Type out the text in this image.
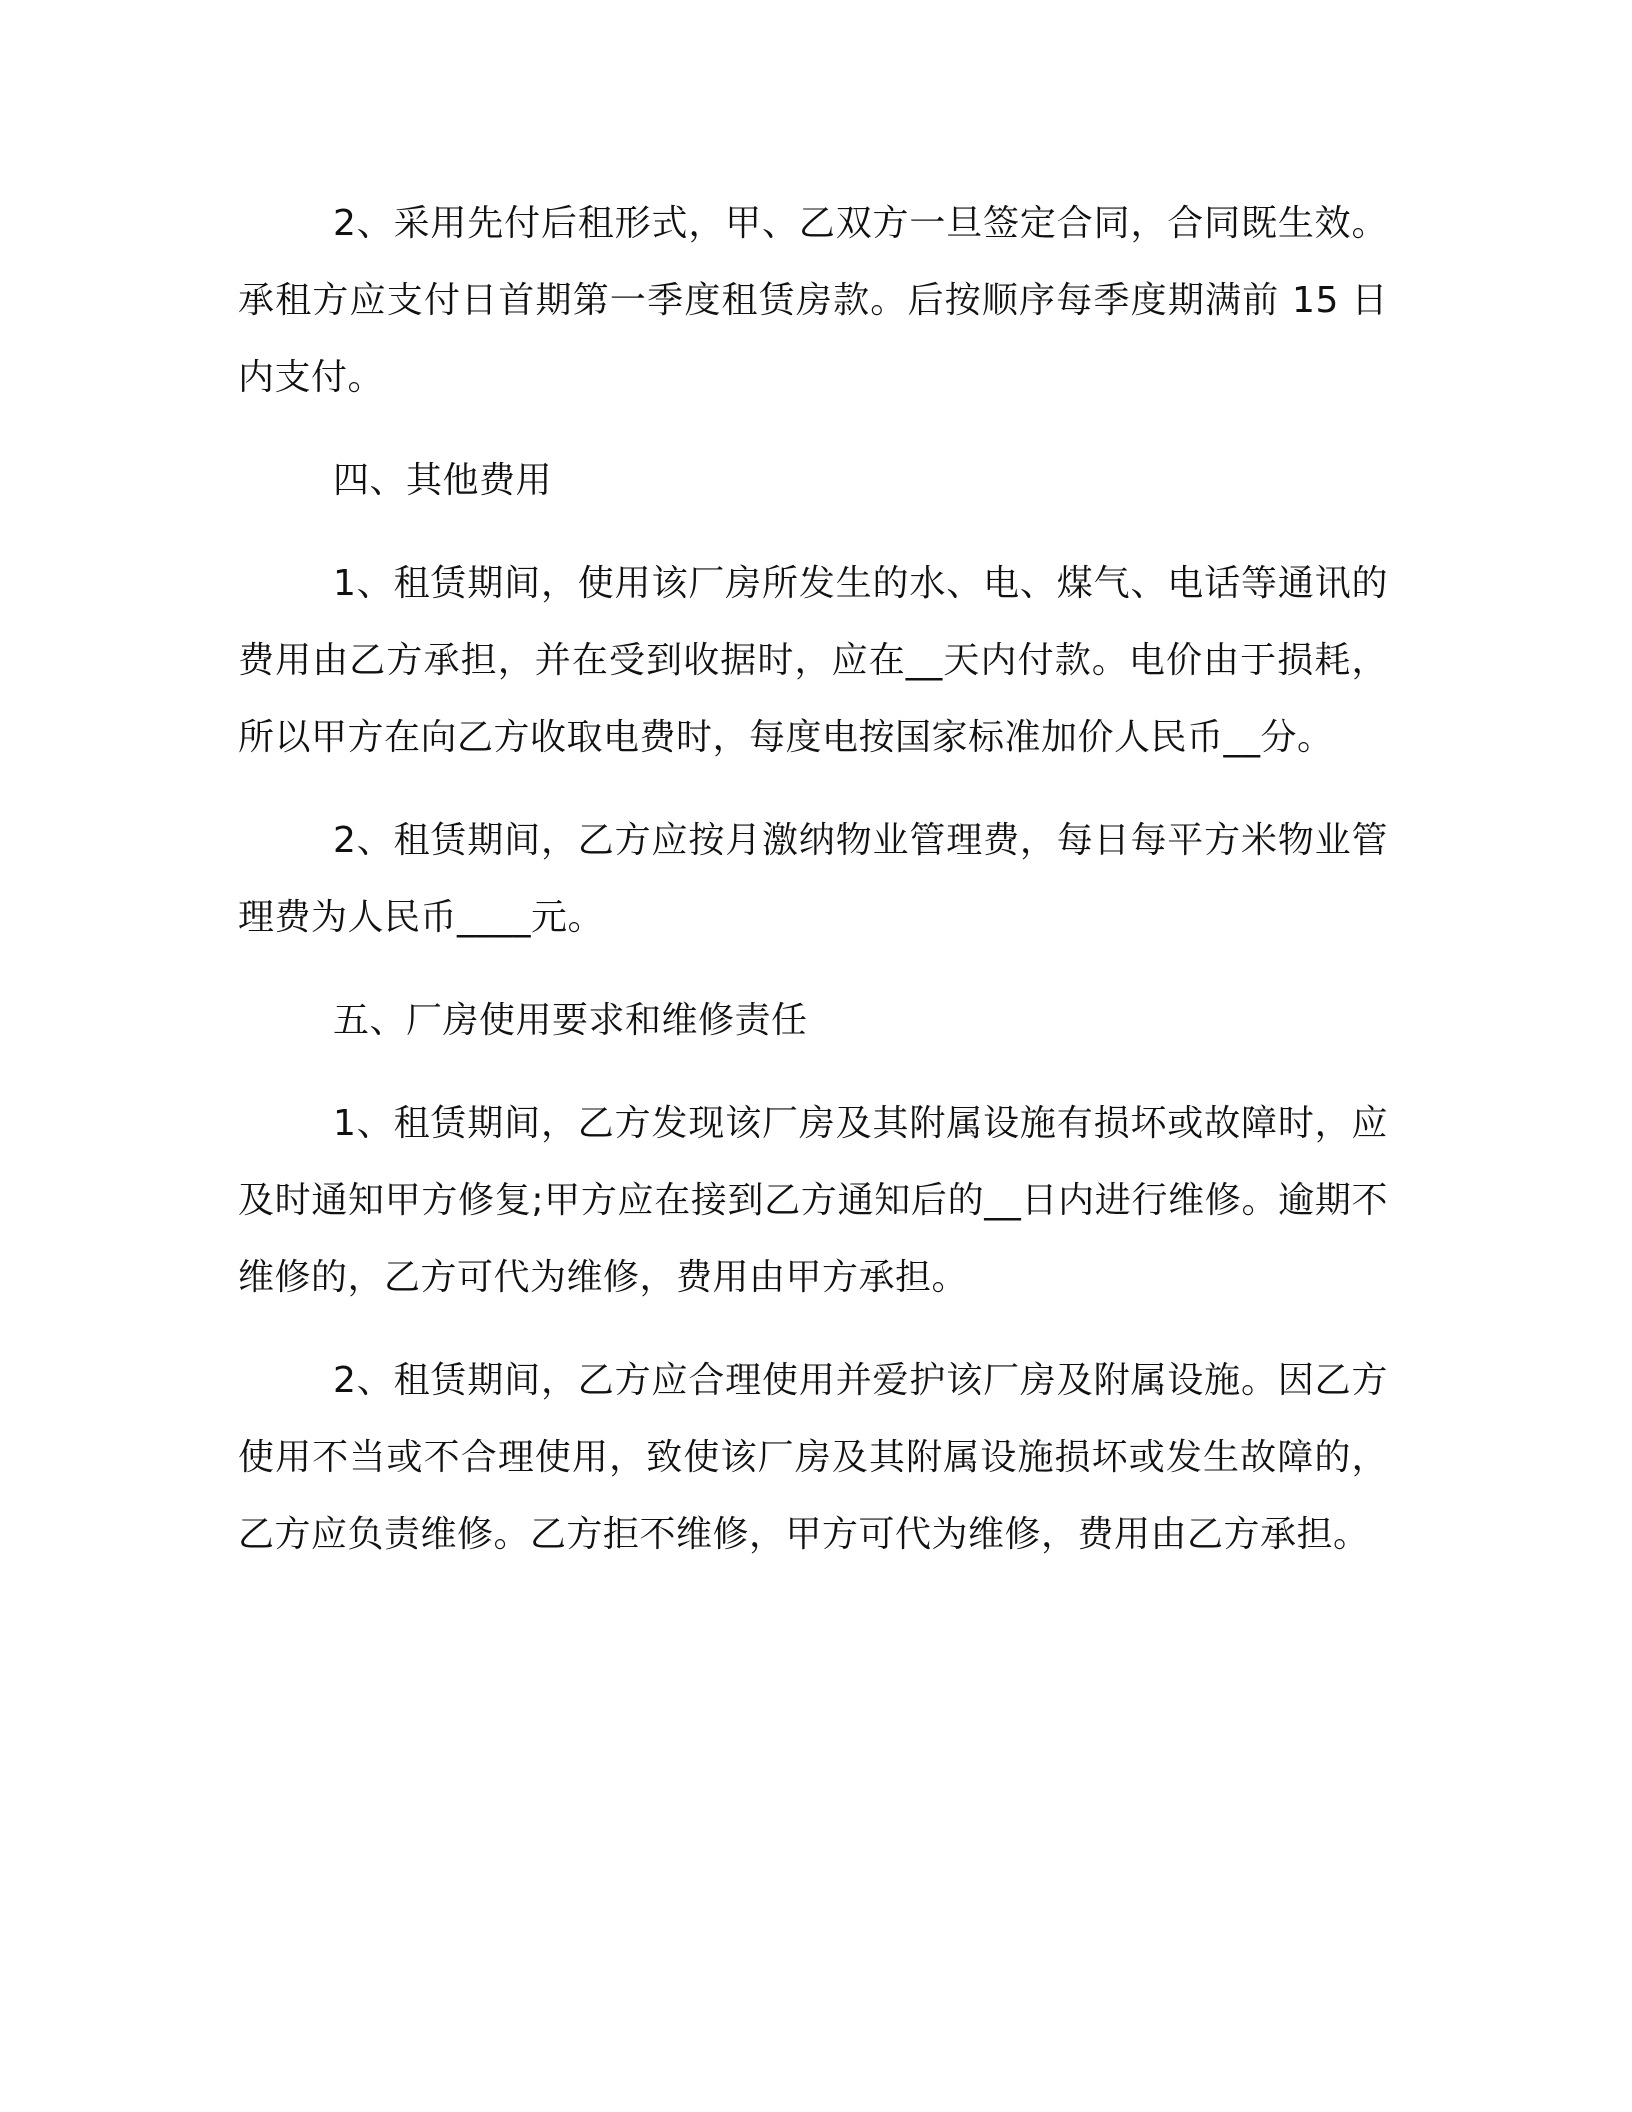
2、采用先付后租形式，甲、乙双方一旦签定合同，合同既生效。承租方应支付日首期第一季度租赁房款。后按顺序每季度期满前 15 日内支付。

四、其他费用

1、租赁期间，使用该厂房所发生的水、电、煤气、电话等通讯的费用由乙方承担，并在受到收据时，应在__天内付款。电价由于损耗，所以甲方在向乙方收取电费时，每度电按国家标准加价人民币__分。

2、租赁期间，乙方应按月激纳物业管理费，每日每平方米物业管理费为人民币____元。

五、厂房使用要求和维修责任

1、租赁期间，乙方发现该厂房及其附属设施有损坏或故障时，应及时通知甲方修复;甲方应在接到乙方通知后的__日内进行维修。逾期不维修的，乙方可代为维修，费用由甲方承担。

2、租赁期间，乙方应合理使用并爱护该厂房及附属设施。因乙方使用不当或不合理使用，致使该厂房及其附属设施损坏或发生故障的，乙方应负责维修。乙方拒不维修，甲方可代为维修，费用由乙方承担。
